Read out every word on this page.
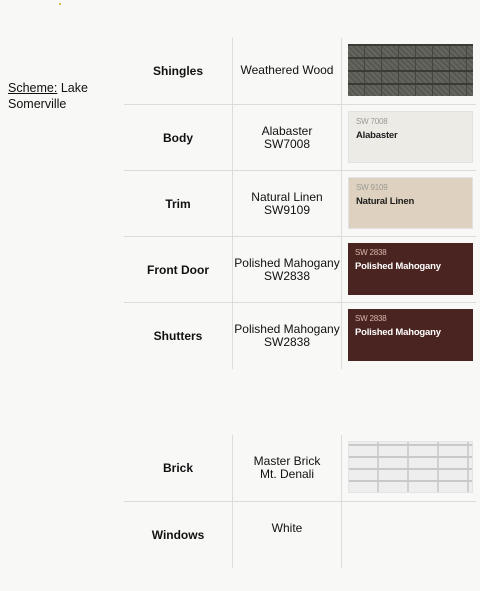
Scheme: Lake Somerville
Shingles	Weathered Wood
Body
Alabaster
SW7008
SW 7008
Alabaster
Trim
Natural Linen
SW9109
SW 9109
Natural Linen
Front Door
Polished Mahogany
SW2838
SW 2838
Polished Mahogany
Shutters
Polished Mahogany
SW2838
SW 2838
Polished Mahogany
Brick
Master Brick
Mt. Denali
Windows	White
